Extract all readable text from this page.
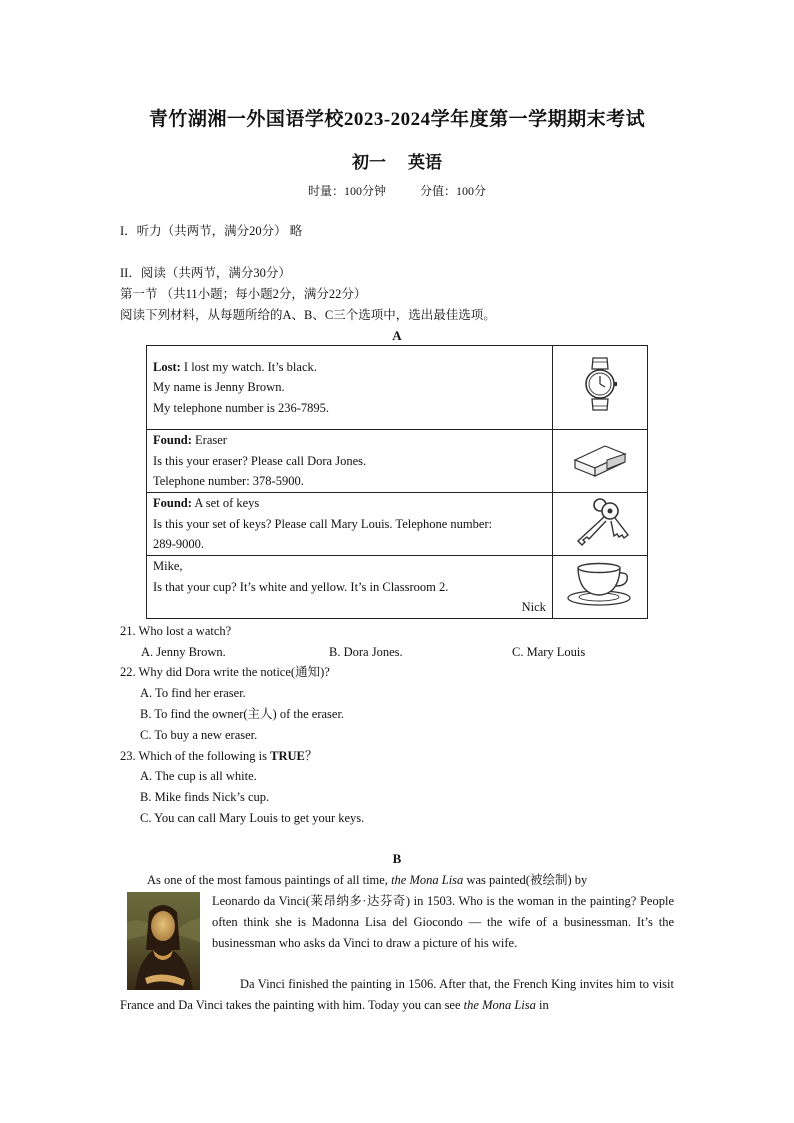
青竹湖湘一外国语学校2023-2024学年度第一学期期末考试
初一 英语
时量：100分钟	分值：100分
I．听力（共两节，满分20分） 略
II．阅读（共两节，满分30分）
第一节 （共11小题；每小题2分，满分22分）
阅读下列材料，从每题所给的A、B、C三个选项中，选出最佳选项。
A
Lost: I lost my watch. It’s black.
My name is Jenny Brown.
My telephone number is 236-7895.

Found: Eraser
Is this your eraser? Please call Dora Jones.
Telephone number: 378-5900.

Found: A set of keys
Is this your set of keys? Please call Mary Louis. Telephone number:
289-9000.

Mike,
Is that your cup? It’s white and yellow. It’s in Classroom 2.
Nick

21. Who lost a watch?
A. Jenny Brown.	B. Dora Jones.	C. Mary Louis
22. Why did Dora write the notice(通知)?
A. To find her eraser.
B. To find the owner(主人) of the eraser.
C. To buy a new eraser.
23. Which of the following is TRUE？
A. The cup is all white.
B. Mike finds Nick’s cup.
C. You can call Mary Louis to get your keys.
B
As one of the most famous paintings of all time, the Mona Lisa was painted(被绘制) by
Leonardo da Vinci(莱昂纳多·达芬奇) in 1503. Who is the woman in the painting? People often think she is Madonna Lisa del Giocondo — the wife of a businessman. It’s the businessman who asks da Vinci to draw a picture of his wife.
Da Vinci finished the painting in 1506. After that, the French King invites him to visit France and Da Vinci takes the painting with him. Today you can see the Mona Lisa in
